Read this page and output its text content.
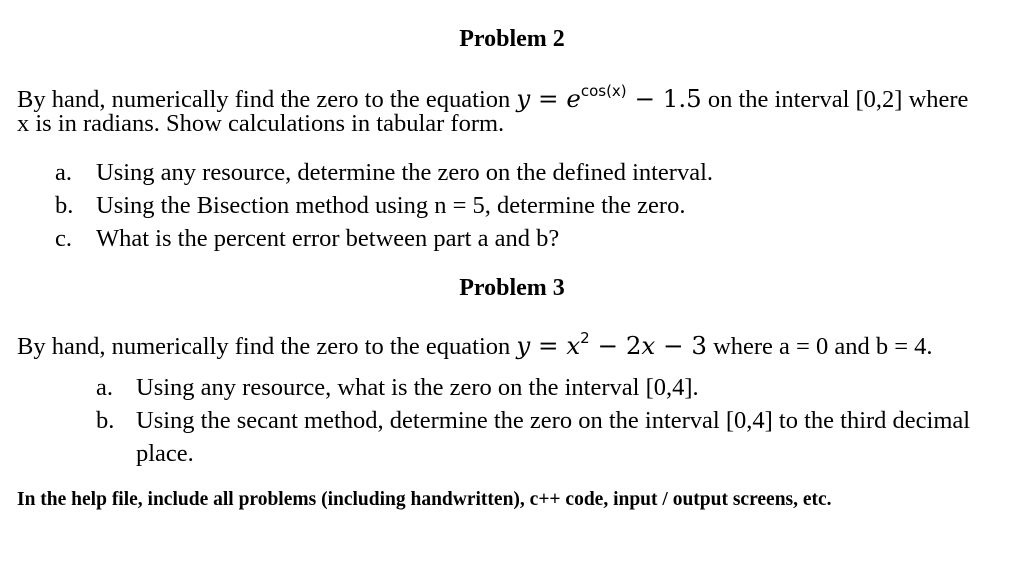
Problem 2
By hand, numerically find the zero to the equation $y = e^{cos(x)} - 1.5$ on the interval [0,2] where
x is in radians. Show calculations in tabular form.
a. Using any resource, determine the zero on the defined interval.
b. Using the Bisection method using n = 5, determine the zero.
c. What is the percent error between part a and b?
Problem 3
By hand, numerically find the zero to the equation $y = x^2 - 2x - 3$ where a = 0 and b = 4.
a. Using any resource, what is the zero on the interval [0,4].
b. Using the secant method, determine the zero on the interval [0,4] to the third decimal
place.
In the help file, include all problems (including handwritten), c++ code, input / output screens, etc.
